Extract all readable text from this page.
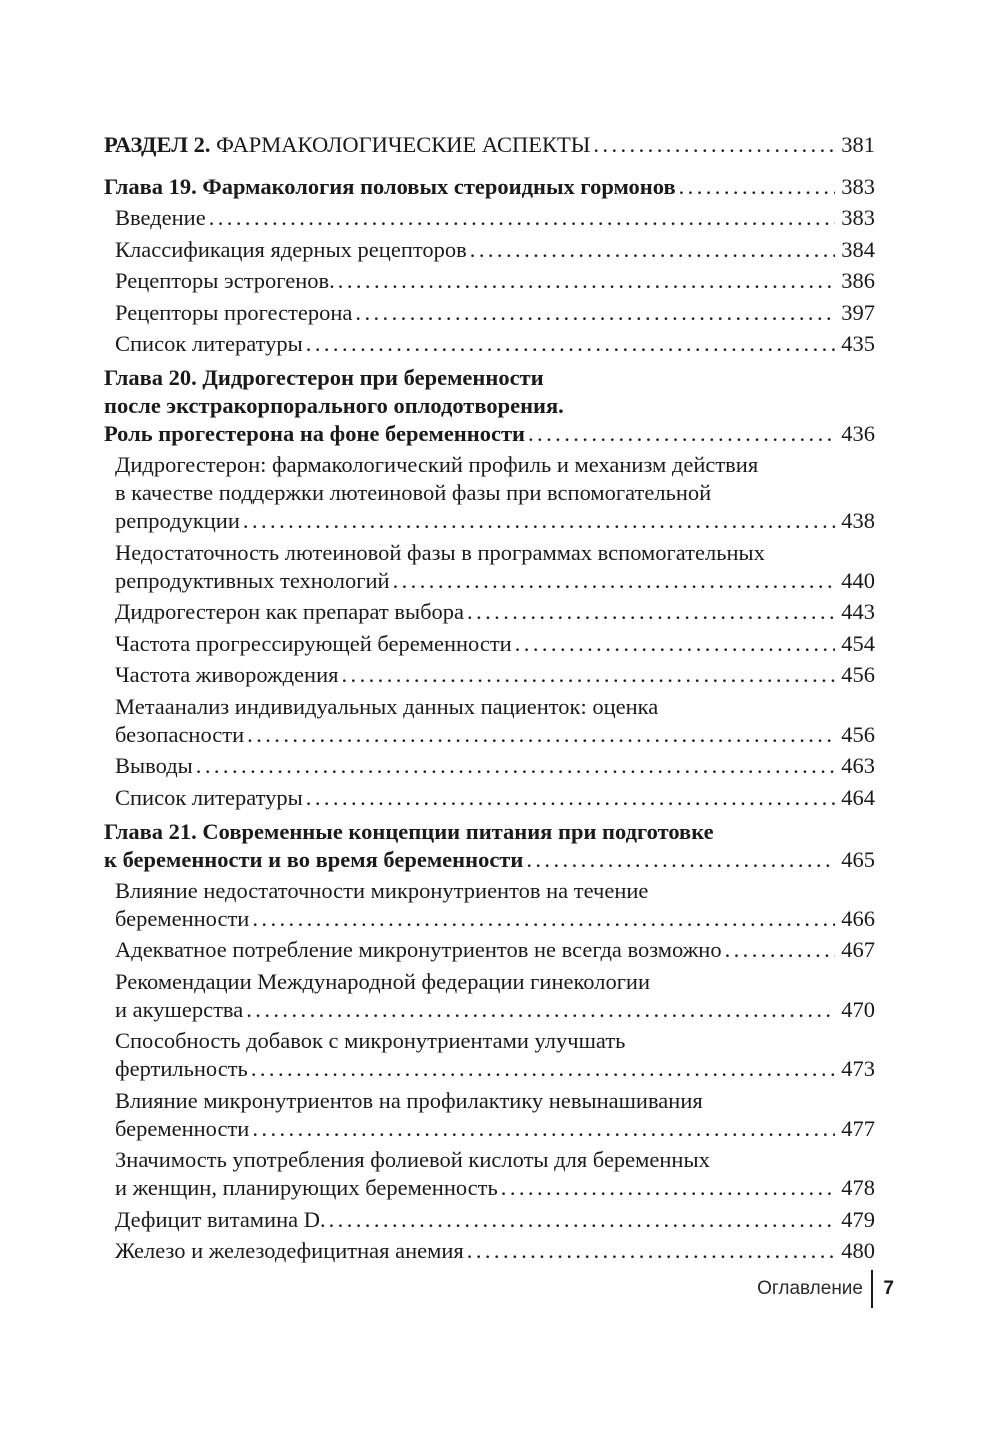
РАЗДЕЛ 2. ФАРМАКОЛОГИЧЕСКИЕ АСПЕКТЫ . . .	381
Глава 19. Фармакология половых стероидных гормонов . . .	383
Введение . . .	383
Классификация ядерных рецепторов . . .	384
Рецепторы эстрогенов. . . .	386
Рецепторы прогестерона . . .	397
Список литературы . . .	435
Глава 20. Дидрогестерон при беременности
после экстракорпорального оплодотворения.
Роль прогестерона на фоне беременности . . .	436
Дидрогестерон: фармакологический профиль и механизм действия
в качестве поддержки лютеиновой фазы при вспомогательной
репродукции . . .	438
Недостаточность лютеиновой фазы в программах вспомогательных
репродуктивных технологий . . .	440
Дидрогестерон как препарат выбора . . .	443
Частота прогрессирующей беременности . . .	454
Частота живорождения . . .	456
Метаанализ индивидуальных данных пациенток: оценка
безопасности . . .	456
Выводы . . .	463
Список литературы . . .	464
Глава 21. Современные концепции питания при подготовке
к беременности и во время беременности . . .	465
Влияние недостаточности микронутриентов на течение
беременности . . .	466
Адекватное потребление микронутриентов не всегда возможно . . .	467
Рекомендации Международной федерации гинекологии
и акушерства . . .	470
Способность добавок с микронутриентами улучшать
фертильность . . .	473
Влияние микронутриентов на профилактику невынашивания
беременности . . .	477
Значимость употребления фолиевой кислоты для беременных
и женщин, планирующих беременность . . .	478
Дефицит витамина D. . . .	479
Железо и железодефицитная анемия . . .	480
Оглавление 7
